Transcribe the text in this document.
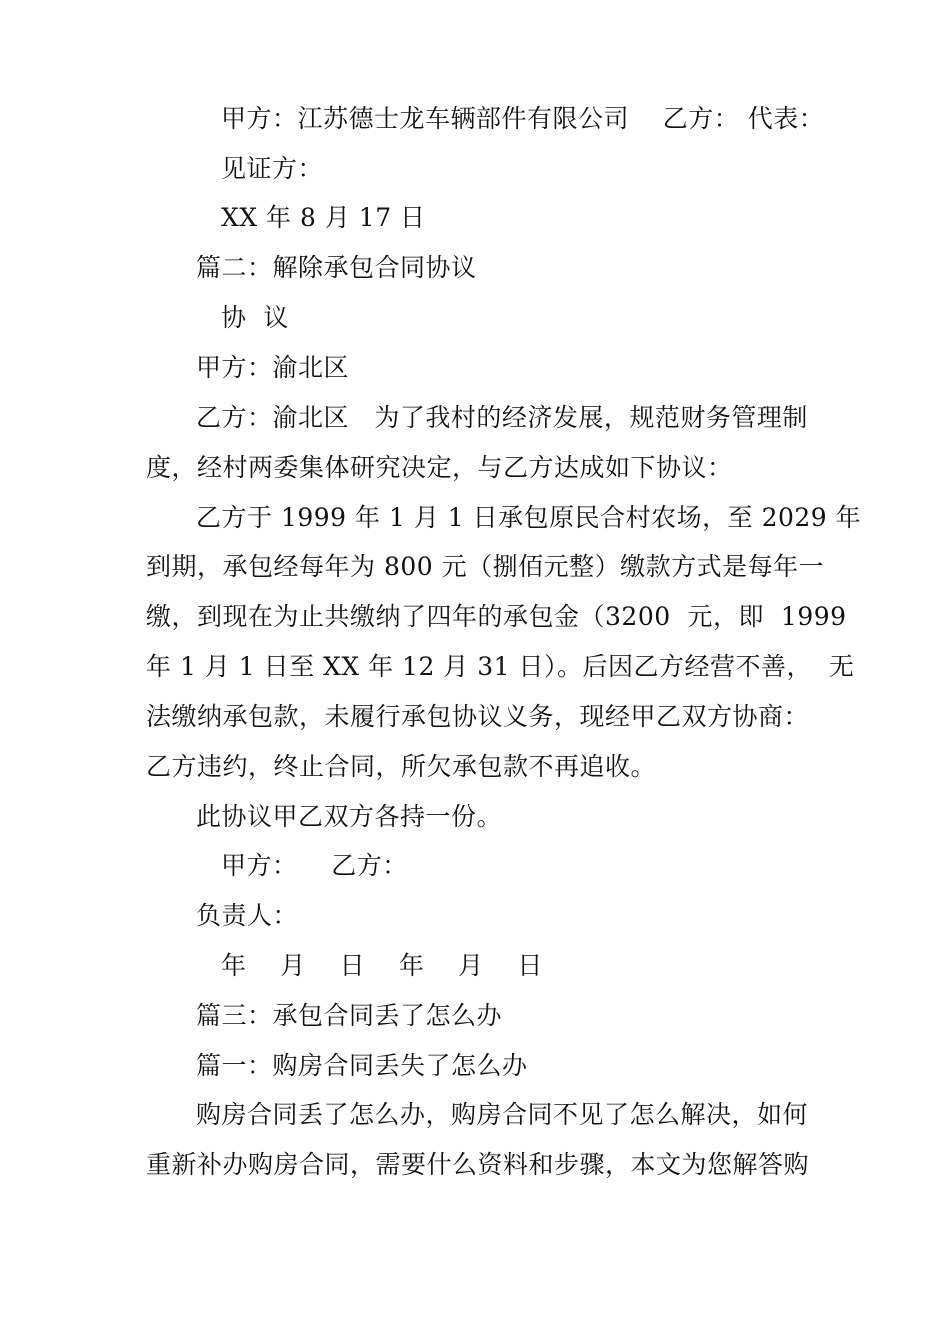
甲方：江苏德士龙车辆部件有限公司    乙方： 代表：
见证方：
XX 年 8 月 17 日
篇二：解除承包合同协议
协  议
甲方：渝北区
乙方：渝北区   为了我村的经济发展，规范财务管理制
度，经村两委集体研究决定，与乙方达成如下协议：
乙方于 1999 年 1 月 1 日承包原民合村农场，至 2029 年
到期，承包经每年为 800 元（捌佰元整）缴款方式是每年一
缴，到现在为止共缴纳了四年的承包金（3200  元，即  1999
年 1 月 1 日至 XX 年 12 月 31 日）。后因乙方经营不善，  无
法缴纳承包款，未履行承包协议义务，现经甲乙双方协商：
乙方违约，终止合同，所欠承包款不再追收。
此协议甲乙双方各持一份。
甲方：    乙方：
负责人：
年    月    日    年    月    日
篇三：承包合同丢了怎么办
篇一：购房合同丢失了怎么办
购房合同丢了怎么办，购房合同不见了怎么解决，如何
重新补办购房合同，需要什么资料和步骤，本文为您解答购
